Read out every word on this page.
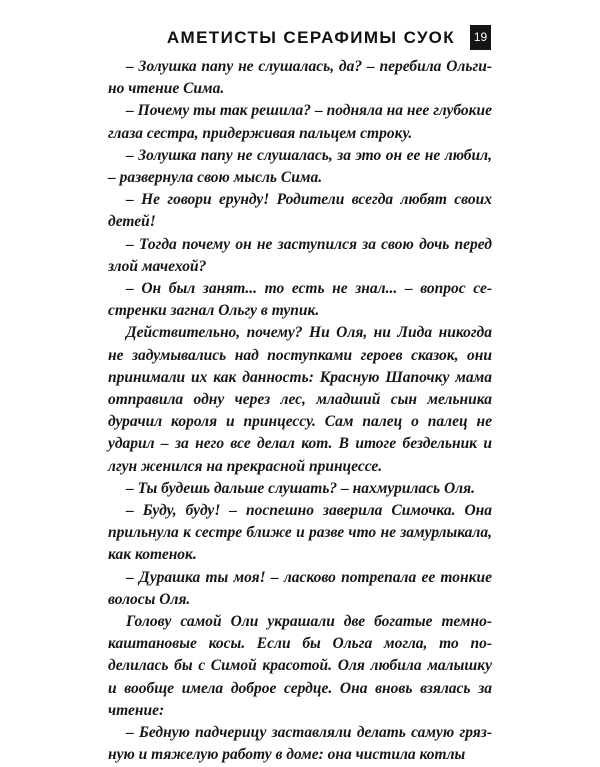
АМЕТИСТЫ СЕРАФИМЫ СУОК	19

– Золушка папу не слушалась, да? – перебила Ольгино чтение Сима.

– Почему ты так решила? – подняла на нее глубокие глаза сестра, придерживая пальцем строку.

– Золушка папу не слушалась, за это он ее не любил, – развернула свою мысль Сима.

– Не говори ерунду! Родители всегда любят своих детей!

– Тогда почему он не заступился за свою дочь перед злой мачехой?

– Он был занят... то есть не знал... – вопрос сестренки загнал Ольгу в тупик.

Действительно, почему? Ни Оля, ни Лида никогда не задумывались над поступками героев сказок, они принимали их как данность: Красную Шапочку мама отправила одну через лес, младший сын мельника дурачил короля и принцессу. Сам палец о палец не ударил – за него все делал кот. В итоге бездельник и лгун женился на прекрасной принцессе.

– Ты будешь дальше слушать? – нахмурилась Оля.

– Буду, буду! – поспешно заверила Симочка. Она прильнула к сестре ближе и разве что не замурлыкала, как котенок.

– Дурашка ты моя! – ласково потрепала ее тонкие волосы Оля.

Голову самой Оли украшали две богатые темно-каштановые косы. Если бы Ольга могла, то поделилась бы с Симой красотой. Оля любила малышку и вообще имела доброе сердце. Она вновь взялась за чтение:

– Бедную падчерицу заставляли делать самую грязную и тяжелую работу в доме: она чистила котлы
